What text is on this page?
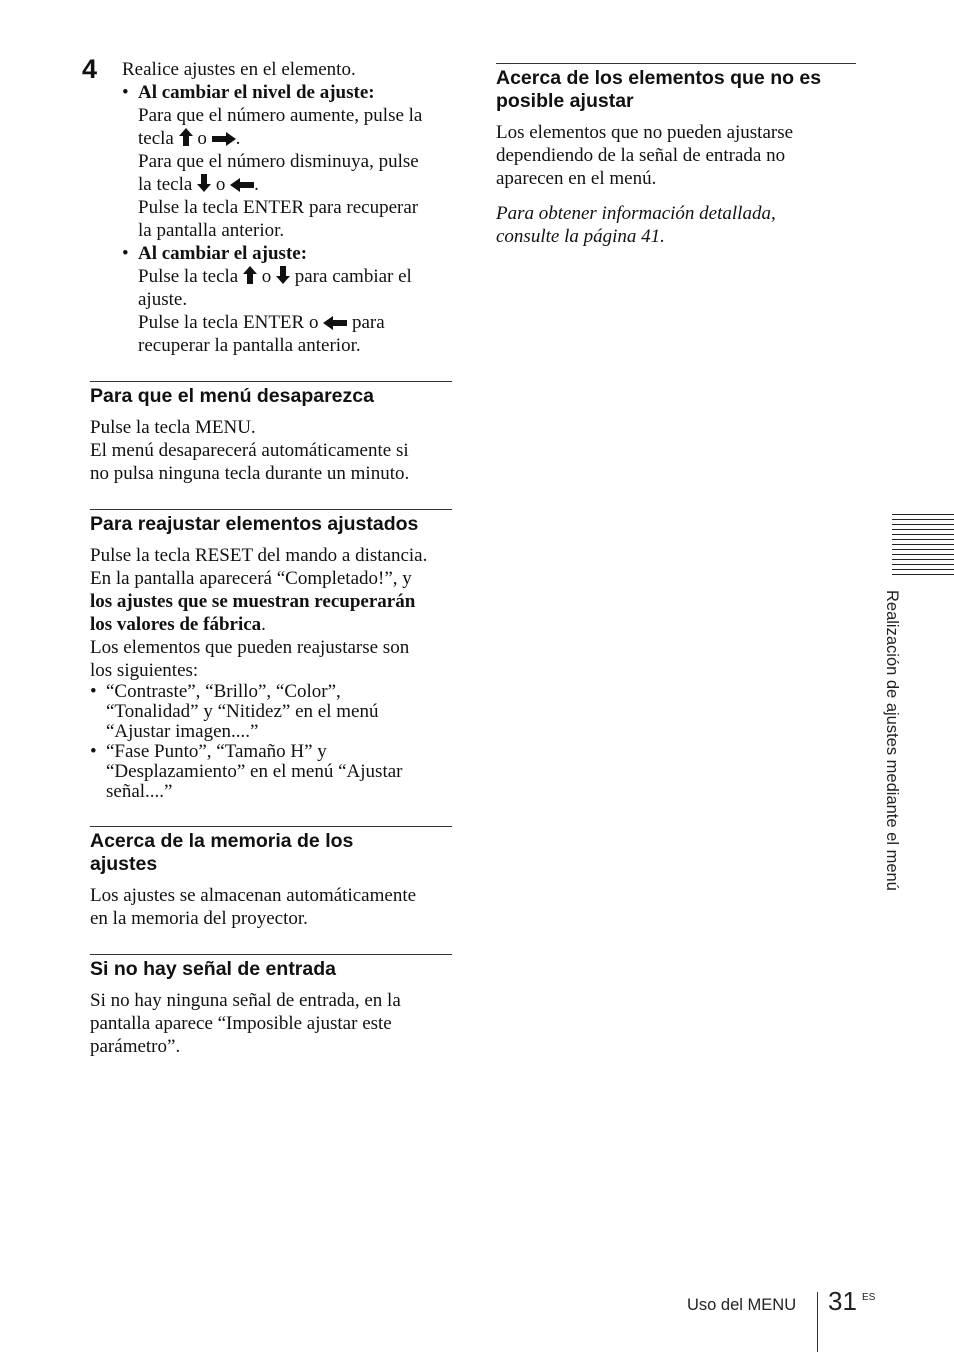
4 Realice ajustes en el elemento.
• Al cambiar el nivel de ajuste:
Para que el número aumente, pulse la
tecla o .
Para que el número disminuya, pulse
la tecla o .
Pulse la tecla ENTER para recuperar
la pantalla anterior.
• Al cambiar el ajuste:
Pulse la tecla o para cambiar el
ajuste.
Pulse la tecla ENTER o para
recuperar la pantalla anterior.
Para que el menú desaparezca
Pulse la tecla MENU.
El menú desaparecerá automáticamente si
no pulsa ninguna tecla durante un minuto.
Para reajustar elementos ajustados
Pulse la tecla RESET del mando a distancia.
En la pantalla aparecerá “Completado!”, y
los ajustes que se muestran recuperarán
los valores de fábrica.
Los elementos que pueden reajustarse son
los siguientes:
• “Contraste”, “Brillo”, “Color”,
“Tonalidad” y “Nitidez” en el menú
“Ajustar imagen....”
• “Fase Punto”, “Tamaño H” y
“Desplazamiento” en el menú “Ajustar
señal....”
Acerca de la memoria de los
ajustes
Los ajustes se almacenan automáticamente
en la memoria del proyector.
Si no hay señal de entrada
Si no hay ninguna señal de entrada, en la
pantalla aparece “Imposible ajustar este
parámetro”.
Acerca de los elementos que no es
posible ajustar
Los elementos que no pueden ajustarse
dependiendo de la señal de entrada no
aparecen en el menú.
Para obtener información detallada,
consulte la página 41.
Realización de ajustes mediante el menú
Uso del MENU 31 ES
